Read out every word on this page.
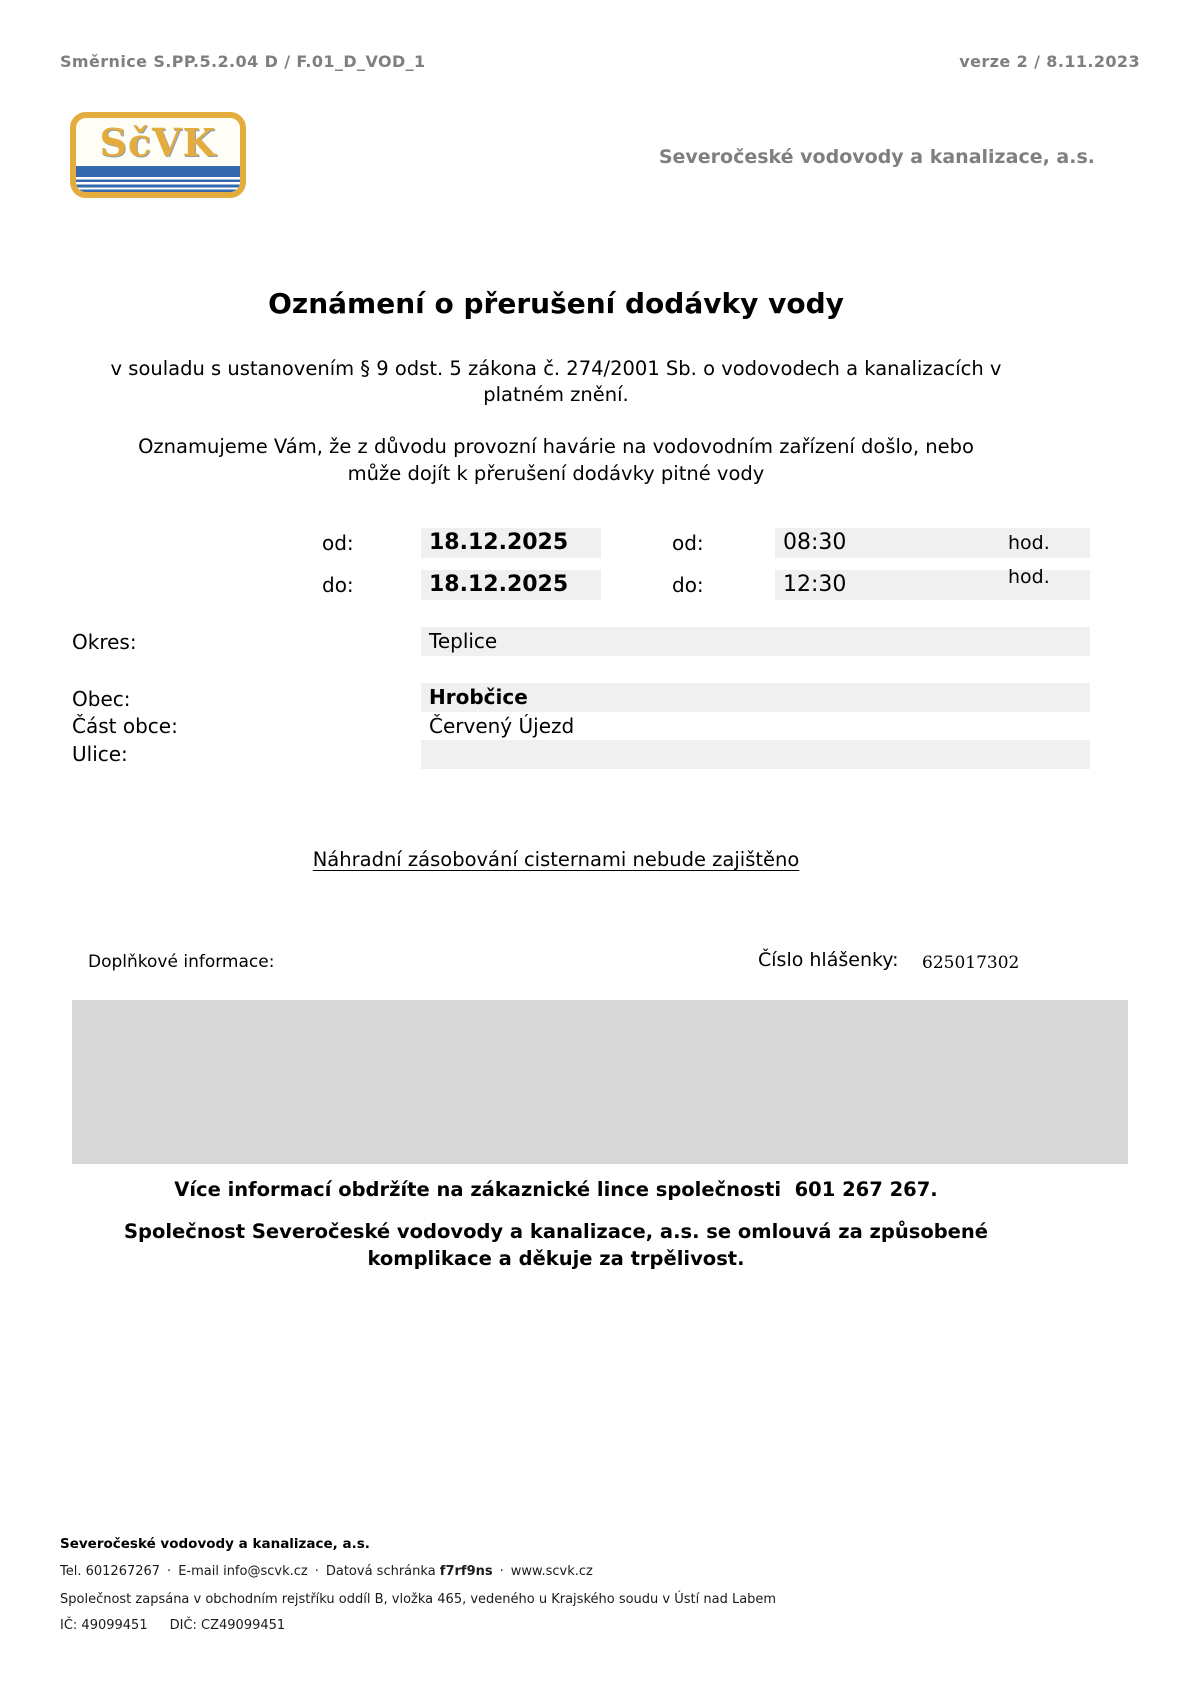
Směrnice S.PP.5.2.04 D / F.01_D_VOD_1	verze 2 / 8.11.2023
SčVK	Severočeské vodovody a kanalizace, a.s.
Oznámení o přerušení dodávky vody
v souladu s ustanovením § 9 odst. 5 zákona č. 274/2001 Sb. o vodovodech a kanalizacích v platném znění.
Oznamujeme Vám, že z důvodu provozní havárie na vodovodním zařízení došlo, nebo může dojít k přerušení dodávky pitné vody
od:	18.12.2025	od:	08:30	hod.
do:	18.12.2025	do:	12:30	hod.
Okres:	Teplice
Obec:	Hrobčice
Část obce:	Červený Újezd
Ulice:
Náhradní zásobování cisternami nebude zajištěno
Doplňkové informace:	Číslo hlášenky: 625017302
Více informací obdržíte na zákaznické lince společnosti  601 267 267.
Společnost Severočeské vodovody a kanalizace, a.s. se omlouvá za způsobené komplikace a děkuje za trpělivost.
Severočeské vodovody a kanalizace, a.s.
Tel. 601267267 · E-mail info@scvk.cz · Datová schránka f7rf9ns · www.scvk.cz
Společnost zapsána v obchodním rejstříku oddíl B, vložka 465, vedeného u Krajského soudu v Ústí nad Labem
IČ: 49099451 DIČ: CZ49099451
